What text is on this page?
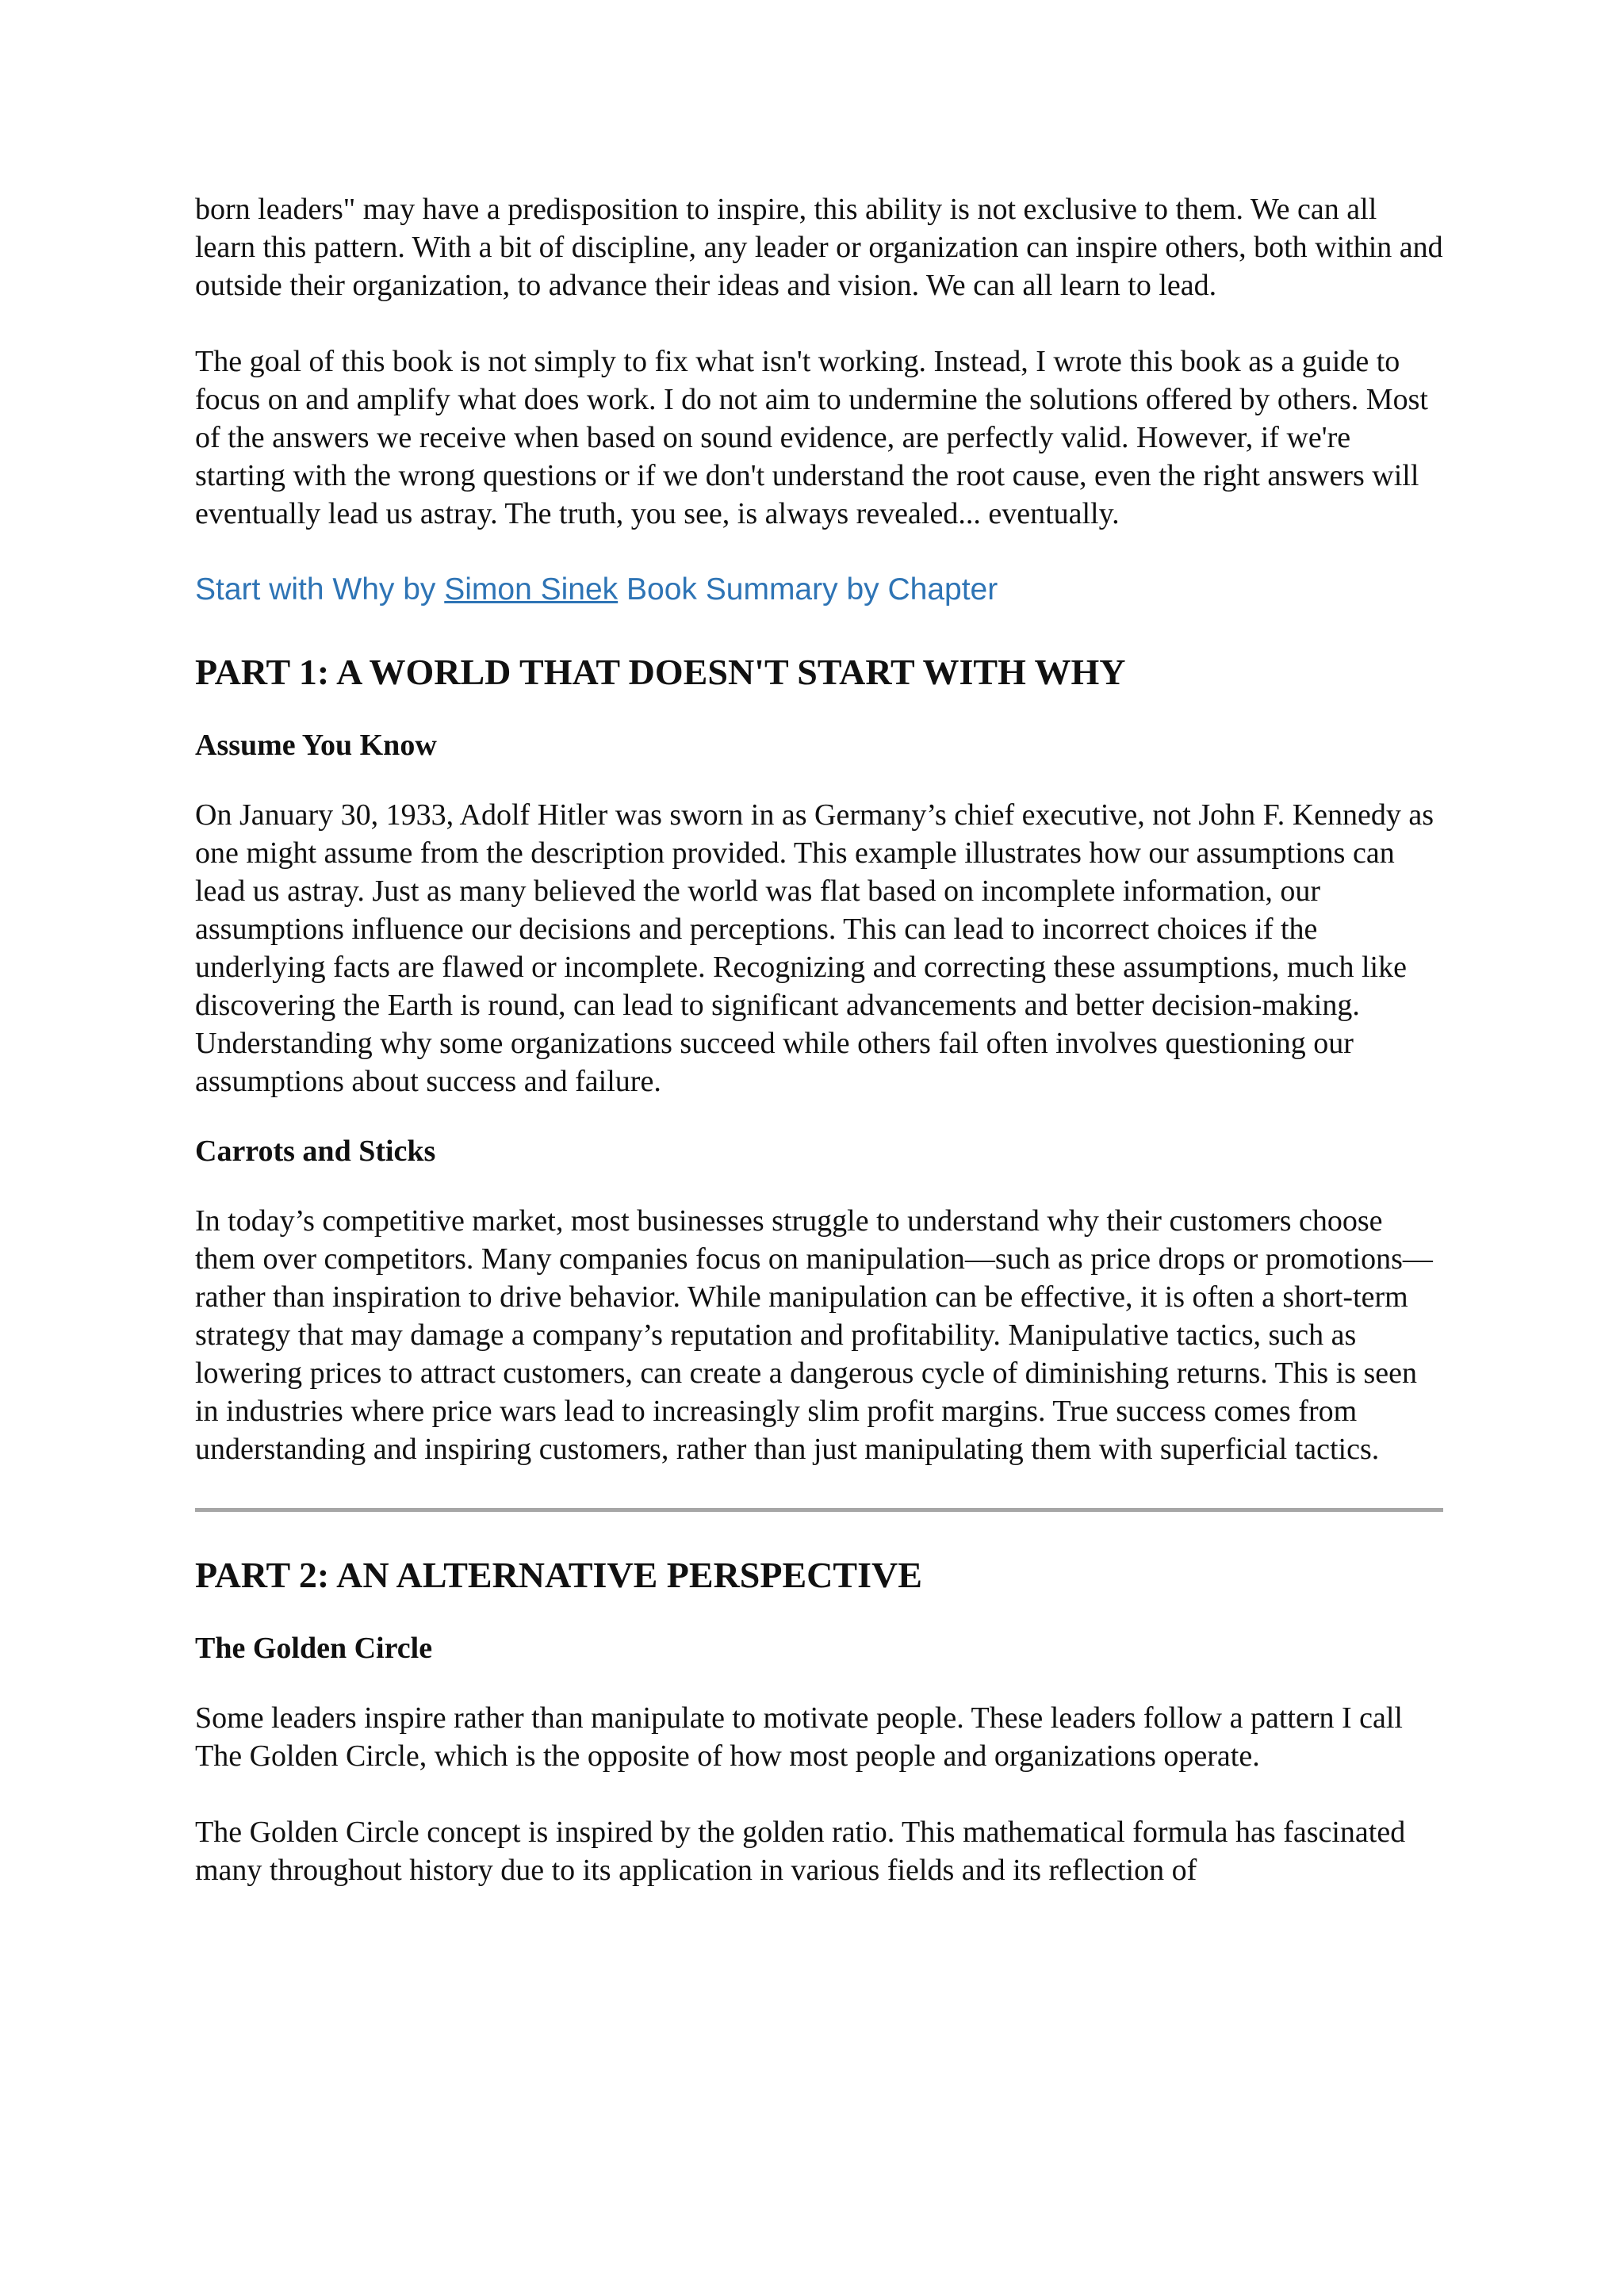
born leaders" may have a predisposition to inspire, this ability is not exclusive to them. We can all learn this pattern. With a bit of discipline, any leader or organization can inspire others, both within and outside their organization, to advance their ideas and vision. We can all learn to lead.

The goal of this book is not simply to fix what isn't working. Instead, I wrote this book as a guide to focus on and amplify what does work. I do not aim to undermine the solutions offered by others. Most of the answers we receive when based on sound evidence, are perfectly valid. However, if we're starting with the wrong questions or if we don't understand the root cause, even the right answers will eventually lead us astray. The truth, you see, is always revealed... eventually.

Start with Why by Simon Sinek Book Summary by Chapter

PART 1: A WORLD THAT DOESN'T START WITH WHY
Assume You Know

On January 30, 1933, Adolf Hitler was sworn in as Germany’s chief executive, not John F. Kennedy as one might assume from the description provided. This example illustrates how our assumptions can lead us astray. Just as many believed the world was flat based on incomplete information, our assumptions influence our decisions and perceptions. This can lead to incorrect choices if the underlying facts are flawed or incomplete. Recognizing and correcting these assumptions, much like discovering the Earth is round, can lead to significant advancements and better decision-making. Understanding why some organizations succeed while others fail often involves questioning our assumptions about success and failure.

Carrots and Sticks

In today’s competitive market, most businesses struggle to understand why their customers choose them over competitors. Many companies focus on manipulation—such as price drops or promotions—rather than inspiration to drive behavior. While manipulation can be effective, it is often a short-term strategy that may damage a company’s reputation and profitability. Manipulative tactics, such as lowering prices to attract customers, can create a dangerous cycle of diminishing returns. This is seen in industries where price wars lead to increasingly slim profit margins. True success comes from understanding and inspiring customers, rather than just manipulating them with superficial tactics.

PART 2: AN ALTERNATIVE PERSPECTIVE
The Golden Circle

Some leaders inspire rather than manipulate to motivate people. These leaders follow a pattern I call The Golden Circle, which is the opposite of how most people and organizations operate.

The Golden Circle concept is inspired by the golden ratio. This mathematical formula has fascinated many throughout history due to its application in various fields and its reflection of
